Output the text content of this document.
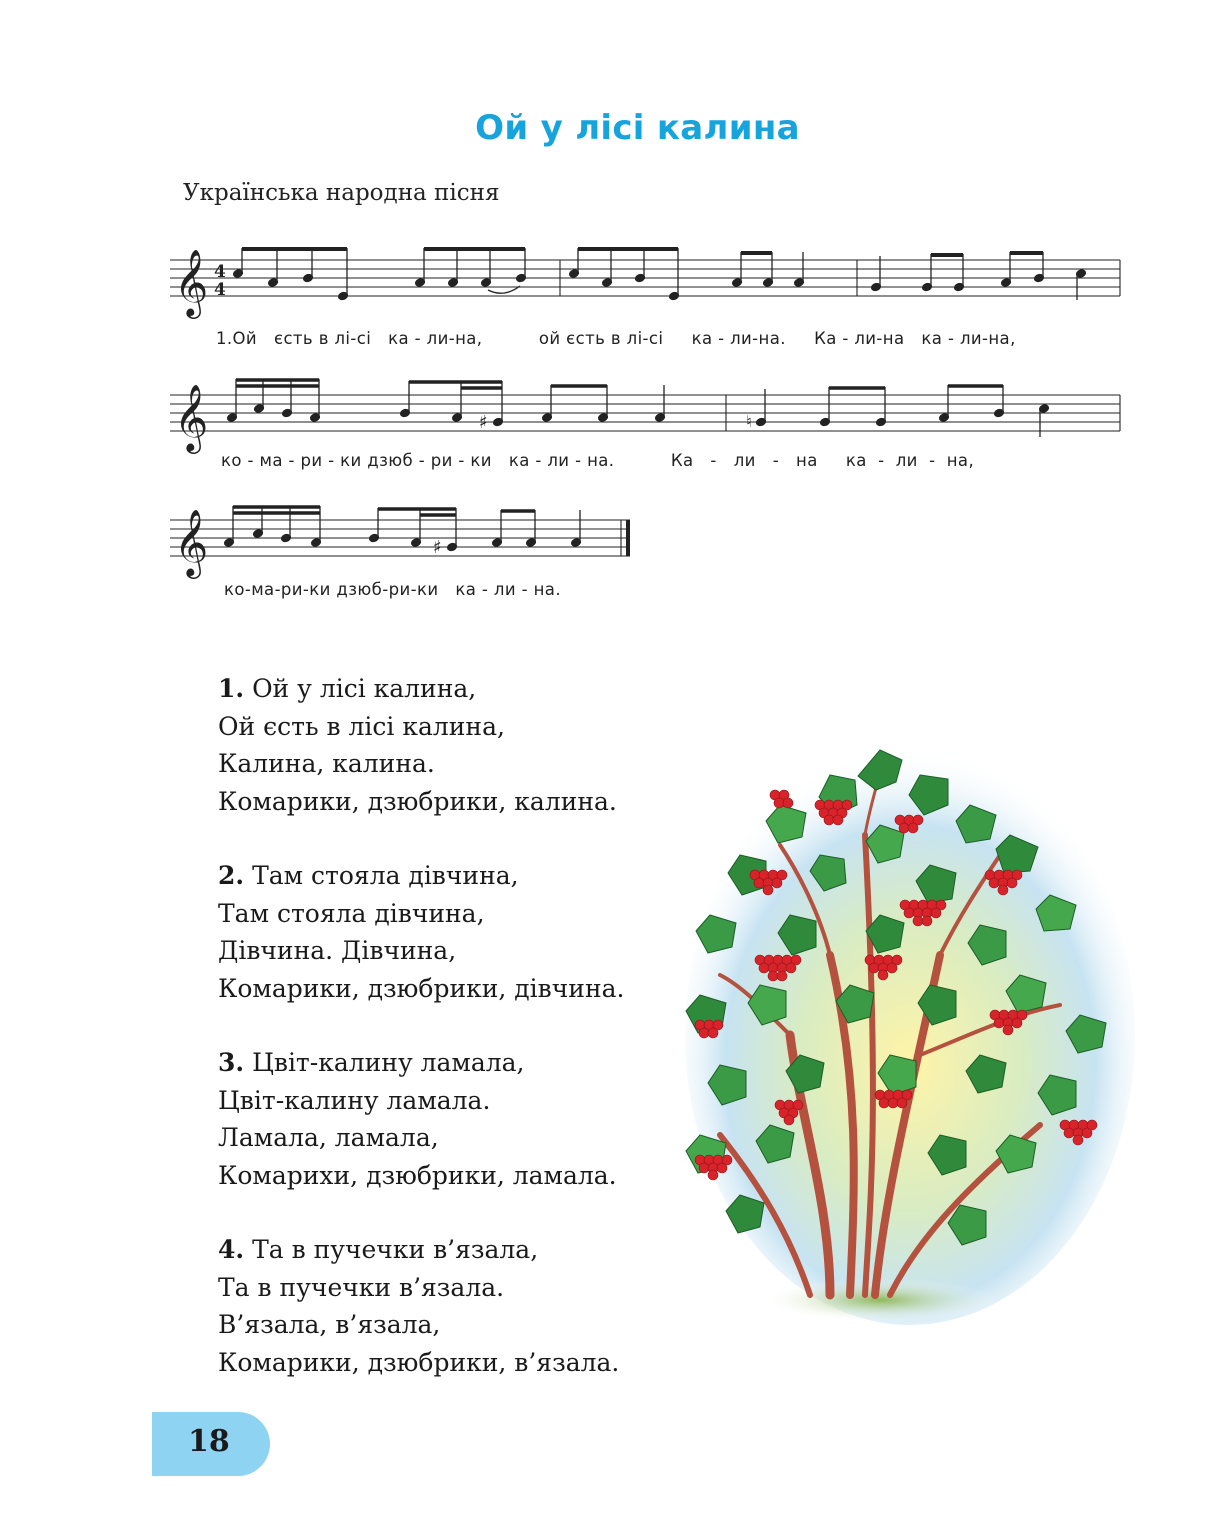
Ой у лісі калина
Українська народна пісня
𝄞 4
4
1.Ой   єсть в лі-сі   ка - ли-на,          ой єсть в лі-сі     ка - ли-на.     Ка - ли-на   ка - ли-на,
𝄞	♯	♮
ко - ма - ри - ки дзюб - ри - ки   ка - ли - на.          Ка   -   ли   -   на     ка  -  ли  -  на,
𝄞	♯
ко-ма-ри-ки дзюб-ри-ки   ка - ли - на.
1. Ой у лісі калина,
Ой єсть в лісі калина,
Калина, калина.
Комарики, дзюбрики, калина.
2. Там стояла дівчина,
Там стояла дівчина,
Дівчина. Дівчина,
Комарики, дзюбрики, дівчина.
3. Цвіт-калину ламала,
Цвіт-калину ламала.
Ламала, ламала,
Комарихи, дзюбрики, ламала.
4. Та в пучечки в’язала,
Та в пучечки в’язала.
В’язала, в’язала,
Комарики, дзюбрики, в’язала.
18
